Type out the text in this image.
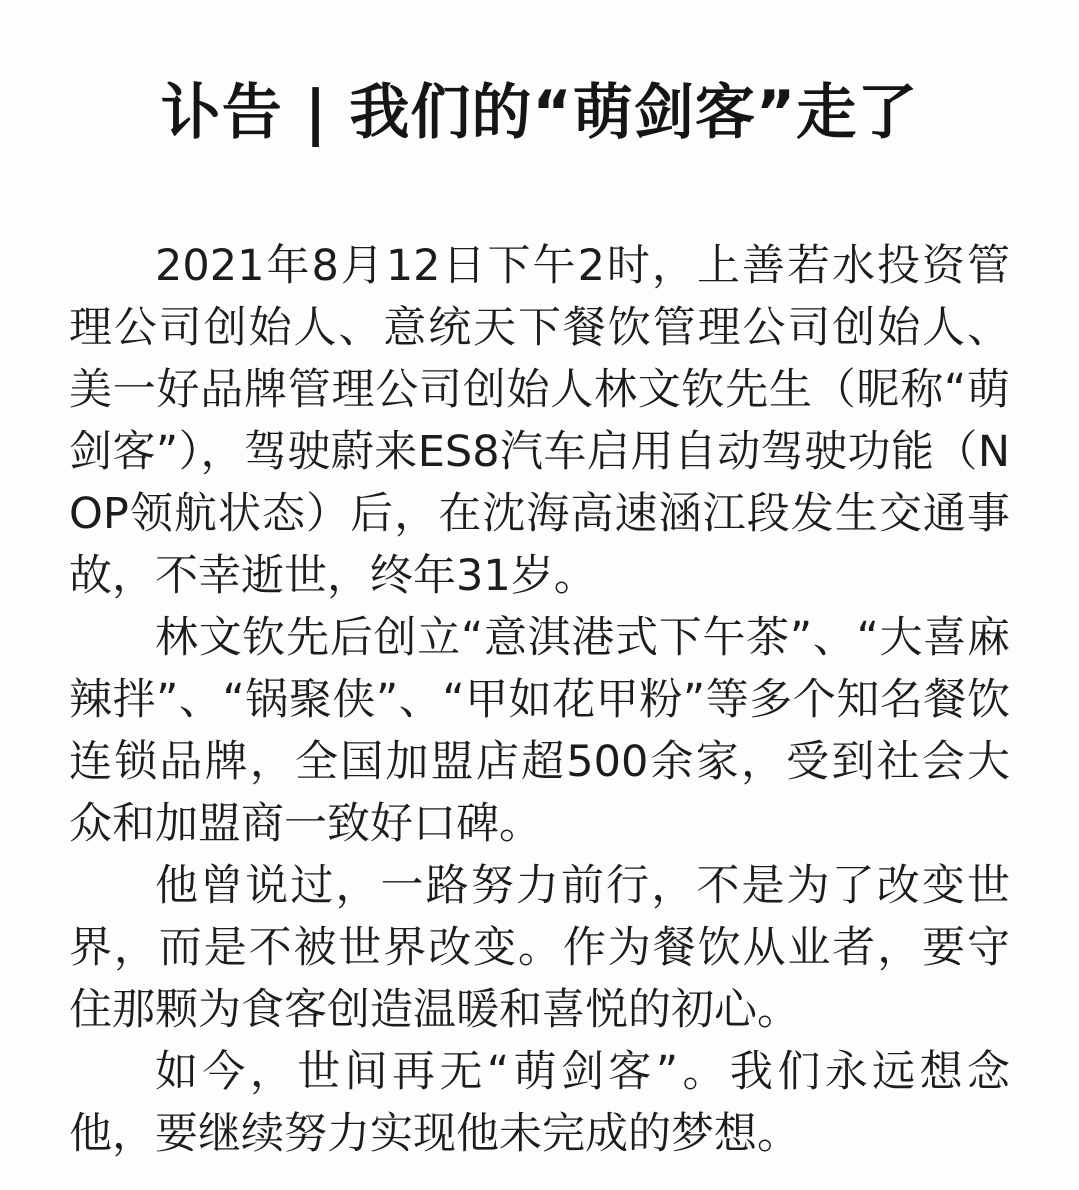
讣告 | 我们的“萌剑客”走了

2021年8月12日下午2时，上善若水投资管理公司创始人、意统天下餐饮管理公司创始人、美一好品牌管理公司创始人林文钦先生（昵称“萌剑客”），驾驶蔚来ES8汽车启用自动驾驶功能（NOP领航状态）后，在沈海高速涵江段发生交通事故，不幸逝世，终年31岁。

林文钦先后创立“意淇港式下午茶”、“大喜麻辣拌”、“锅聚侠”、“甲如花甲粉”等多个知名餐饮连锁品牌，全国加盟店超500余家，受到社会大众和加盟商一致好口碑。

他曾说过，一路努力前行，不是为了改变世界，而是不被世界改变。作为餐饮从业者，要守住那颗为食客创造温暖和喜悦的初心。

如今，世间再无“萌剑客”。我们永远想念他，要继续努力实现他未完成的梦想。
